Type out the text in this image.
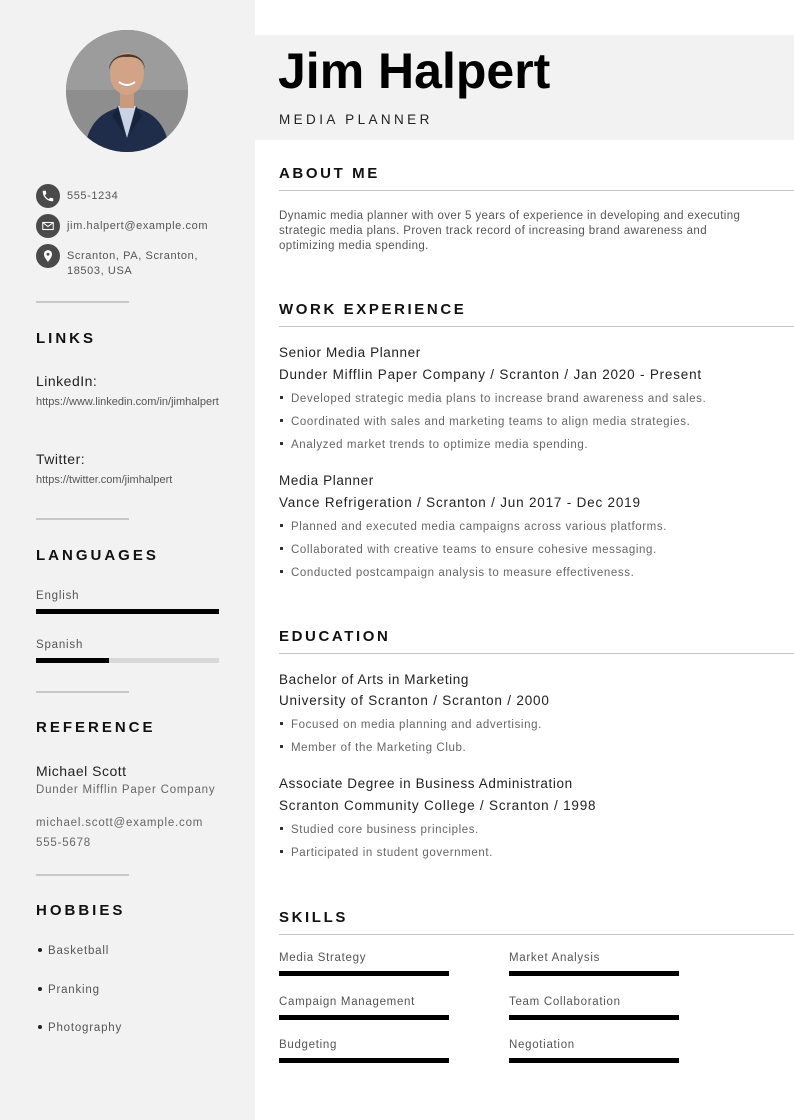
555-1234
jim.halpert@example.com
Scranton, PA, Scranton, 18503, USA
LINKS
LinkedIn:
https://www.linkedin.com/in/jimhalpert
Twitter:
https://twitter.com/jimhalpert
LANGUAGES
English
Spanish
REFERENCE
Michael Scott
Dunder Mifflin Paper Company
michael.scott@example.com
555-5678
HOBBIES
Basketball
Pranking
Photography
Jim Halpert
MEDIA PLANNER
ABOUT ME
Dynamic media planner with over 5 years of experience in developing and executing strategic media plans. Proven track record of increasing brand awareness and optimizing media spending.
WORK EXPERIENCE
Senior Media Planner
Dunder Mifflin Paper Company / Scranton / Jan 2020 - Present
Developed strategic media plans to increase brand awareness and sales.
Coordinated with sales and marketing teams to align media strategies.
Analyzed market trends to optimize media spending.
Media Planner
Vance Refrigeration / Scranton / Jun 2017 - Dec 2019
Planned and executed media campaigns across various platforms.
Collaborated with creative teams to ensure cohesive messaging.
Conducted postcampaign analysis to measure effectiveness.
EDUCATION
Bachelor of Arts in Marketing
University of Scranton / Scranton / 2000
Focused on media planning and advertising.
Member of the Marketing Club.
Associate Degree in Business Administration
Scranton Community College / Scranton / 1998
Studied core business principles.
Participated in student government.
SKILLS
Media Strategy	Market Analysis
Campaign Management	Team Collaboration
Budgeting	Negotiation
